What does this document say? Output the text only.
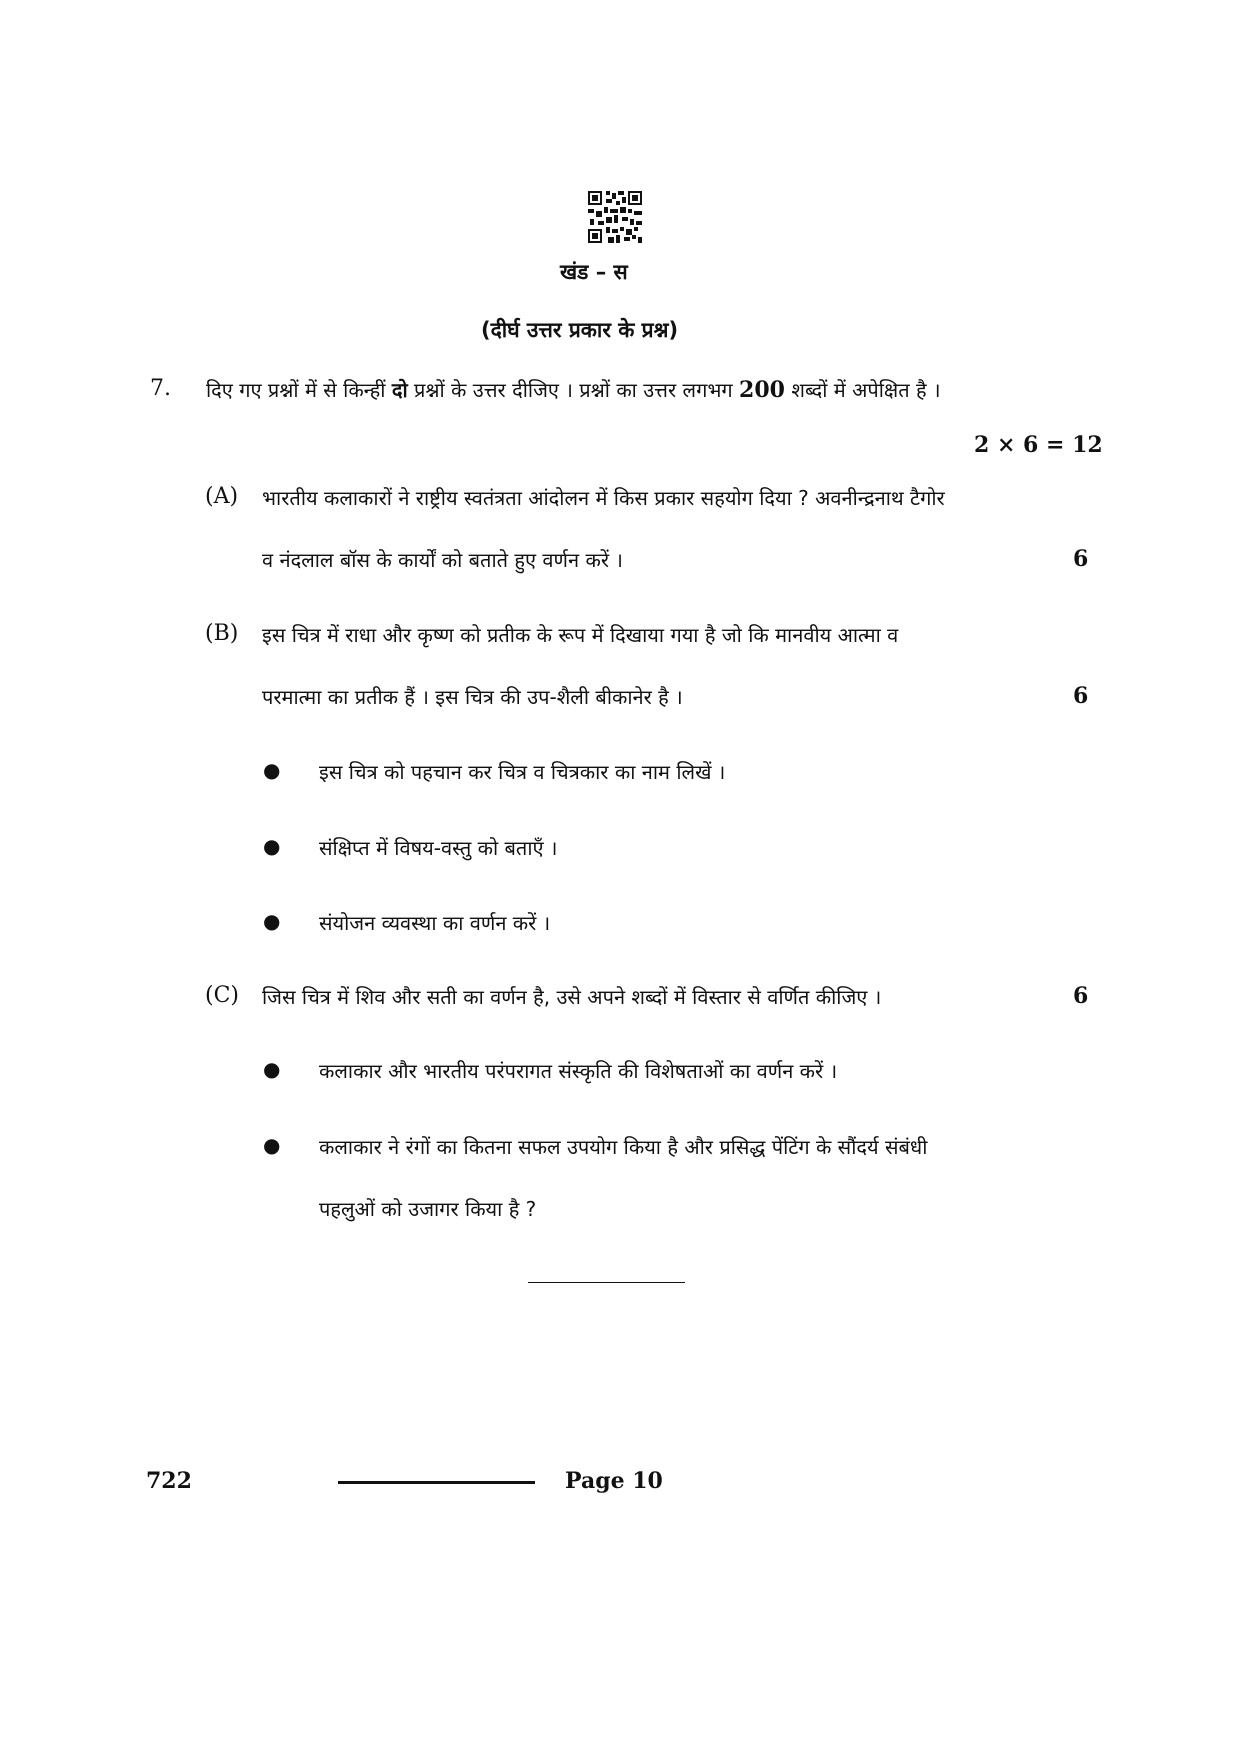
खंड – स
(दीर्घ उत्तर प्रकार के प्रश्न)
7. दिए गए प्रश्नों में से किन्हीं दो प्रश्नों के उत्तर दीजिए । प्रश्नों का उत्तर लगभग 200 शब्दों में अपेक्षित है ।
2 × 6 = 12
(A) भारतीय कलाकारों ने राष्ट्रीय स्वतंत्रता आंदोलन में किस प्रकार सहयोग दिया ? अवनीन्द्रनाथ टैगोर
व नंदलाल बॉस के कार्यों को बताते हुए वर्णन करें ।	6
(B) इस चित्र में राधा और कृष्ण को प्रतीक के रूप में दिखाया गया है जो कि मानवीय आत्मा व
परमात्मा का प्रतीक हैं । इस चित्र की उप-शैली बीकानेर है ।	6
● इस चित्र को पहचान कर चित्र व चित्रकार का नाम लिखें ।
● संक्षिप्त में विषय-वस्तु को बताएँ ।
● संयोजन व्यवस्था का वर्णन करें ।
(C) जिस चित्र में शिव और सती का वर्णन है, उसे अपने शब्दों में विस्तार से वर्णित कीजिए ।	6
● कलाकार और भारतीय परंपरागत संस्कृति की विशेषताओं का वर्णन करें ।
● कलाकार ने रंगों का कितना सफल उपयोग किया है और प्रसिद्ध पेंटिंग के सौंदर्य संबंधी
पहलुओं को उजागर किया है ?
722	Page 10
